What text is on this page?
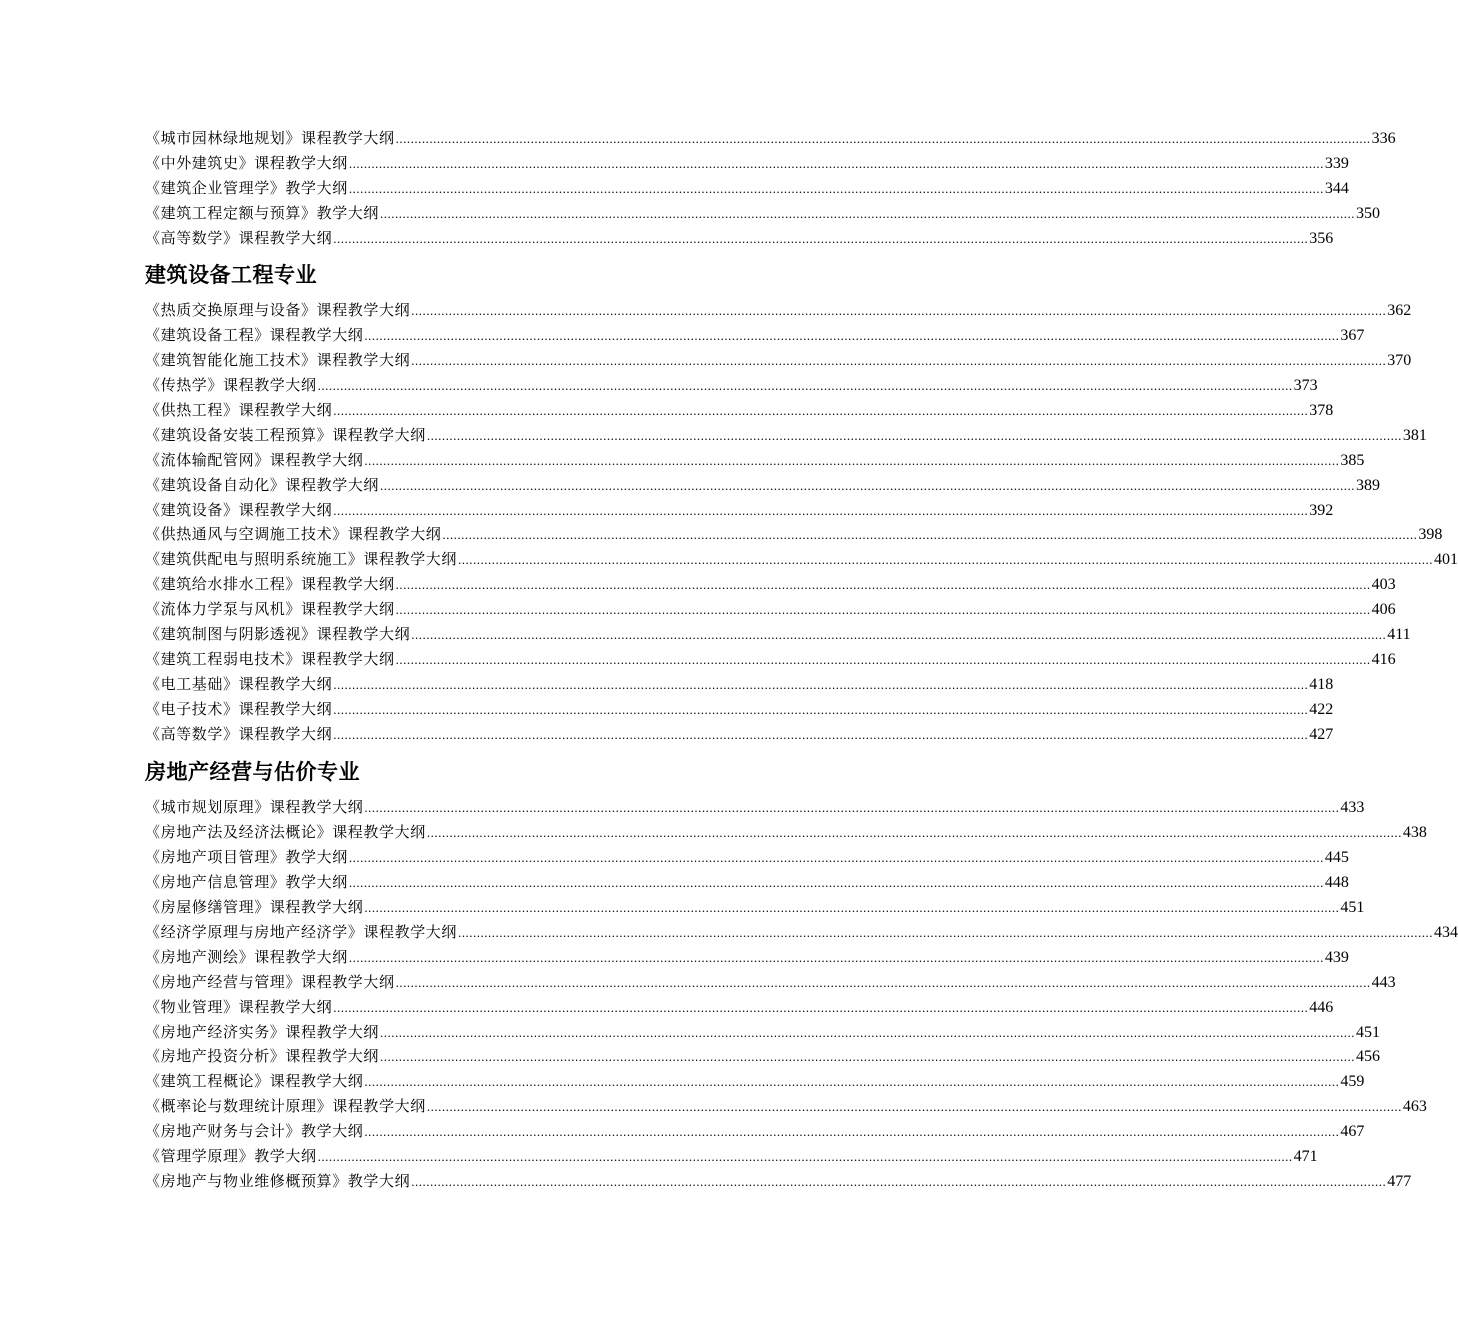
《城市园林绿地规划》课程教学大纲 .................................................................................................................................................................................................................................................................... 336
《中外建筑史》课程教学大纲 .................................................................................................................................................................................................................................................................... 339
《建筑企业管理学》教学大纲 .................................................................................................................................................................................................................................................................... 344
《建筑工程定额与预算》教学大纲 .................................................................................................................................................................................................................................................................... 350
《高等数学》课程教学大纲 .................................................................................................................................................................................................................................................................... 356
建筑设备工程专业
《热质交换原理与设备》课程教学大纲 .................................................................................................................................................................................................................................................................... 362
《建筑设备工程》课程教学大纲 .................................................................................................................................................................................................................................................................... 367
《建筑智能化施工技术》课程教学大纲 .................................................................................................................................................................................................................................................................... 370
《传热学》课程教学大纲 .................................................................................................................................................................................................................................................................... 373
《供热工程》课程教学大纲 .................................................................................................................................................................................................................................................................... 378
《建筑设备安装工程预算》课程教学大纲 .................................................................................................................................................................................................................................................................... 381
《流体输配管网》课程教学大纲 .................................................................................................................................................................................................................................................................... 385
《建筑设备自动化》课程教学大纲 .................................................................................................................................................................................................................................................................... 389
《建筑设备》课程教学大纲 .................................................................................................................................................................................................................................................................... 392
《供热通风与空调施工技术》课程教学大纲 .................................................................................................................................................................................................................................................................... 398
《建筑供配电与照明系统施工》课程教学大纲 .................................................................................................................................................................................................................................................................... 401
《建筑给水排水工程》课程教学大纲 .................................................................................................................................................................................................................................................................... 403
《流体力学泵与风机》课程教学大纲 .................................................................................................................................................................................................................................................................... 406
《建筑制图与阴影透视》课程教学大纲 .................................................................................................................................................................................................................................................................... 411
《建筑工程弱电技术》课程教学大纲 .................................................................................................................................................................................................................................................................... 416
《电工基础》课程教学大纲 .................................................................................................................................................................................................................................................................... 418
《电子技术》课程教学大纲 .................................................................................................................................................................................................................................................................... 422
《高等数学》课程教学大纲 .................................................................................................................................................................................................................................................................... 427
房地产经营与估价专业
《城市规划原理》课程教学大纲 .................................................................................................................................................................................................................................................................... 433
《房地产法及经济法概论》课程教学大纲 .................................................................................................................................................................................................................................................................... 438
《房地产项目管理》教学大纲 .................................................................................................................................................................................................................................................................... 445
《房地产信息管理》教学大纲 .................................................................................................................................................................................................................................................................... 448
《房屋修缮管理》课程教学大纲 .................................................................................................................................................................................................................................................................... 451
《经济学原理与房地产经济学》课程教学大纲 .................................................................................................................................................................................................................................................................... 434
《房地产测绘》课程教学大纲 .................................................................................................................................................................................................................................................................... 439
《房地产经营与管理》课程教学大纲 .................................................................................................................................................................................................................................................................... 443
《物业管理》课程教学大纲 .................................................................................................................................................................................................................................................................... 446
《房地产经济实务》课程教学大纲 .................................................................................................................................................................................................................................................................... 451
《房地产投资分析》课程教学大纲 .................................................................................................................................................................................................................................................................... 456
《建筑工程概论》课程教学大纲 .................................................................................................................................................................................................................................................................... 459
《概率论与数理统计原理》课程教学大纲 .................................................................................................................................................................................................................................................................... 463
《房地产财务与会计》教学大纲 .................................................................................................................................................................................................................................................................... 467
《管理学原理》教学大纲 .................................................................................................................................................................................................................................................................... 471
《房地产与物业维修概预算》教学大纲 .................................................................................................................................................................................................................................................................... 477
